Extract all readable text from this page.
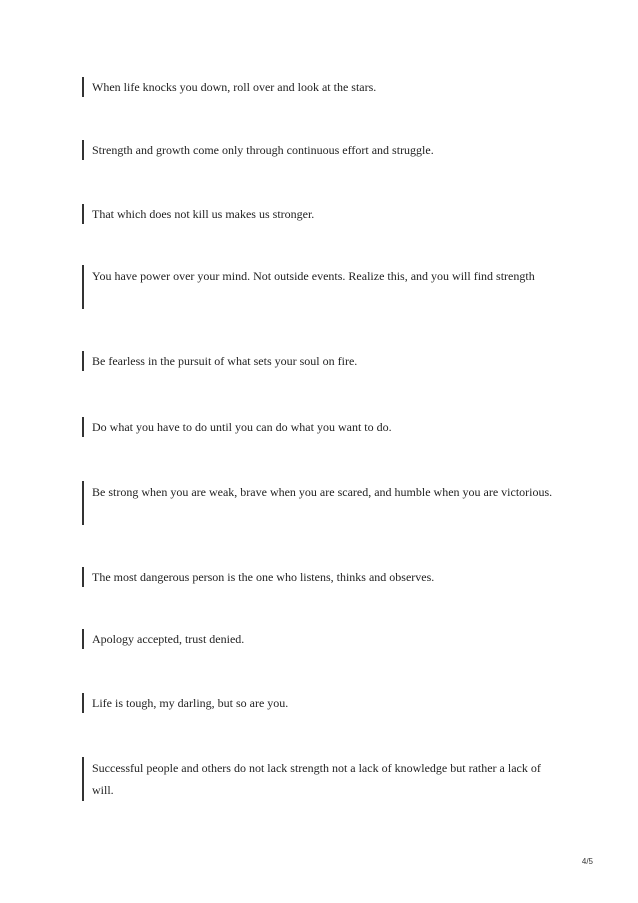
When life knocks you down, roll over and look at the stars.
Strength and growth come only through continuous effort and struggle.
That which does not kill us makes us stronger.
You have power over your mind. Not outside events. Realize this, and you will find strength
Be fearless in the pursuit of what sets your soul on fire.
Do what you have to do until you can do what you want to do.
Be strong when you are weak, brave when you are scared, and humble when you are victorious.
The most dangerous person is the one who listens, thinks and observes.
Apology accepted, trust denied.
Life is tough, my darling, but so are you.
Successful people and others do not lack strength not a lack of knowledge but rather a lack of will.
4/5
